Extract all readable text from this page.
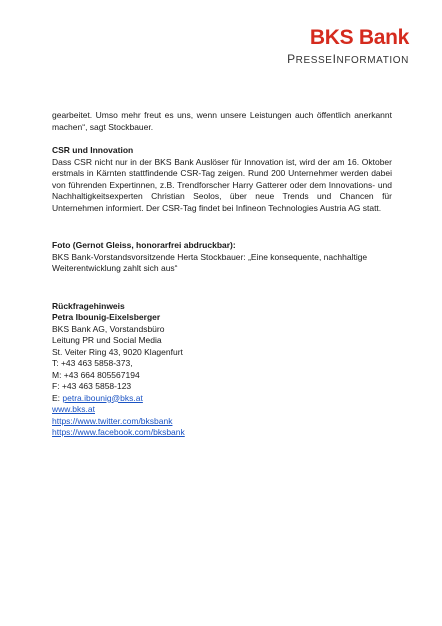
BKS Bank
PRESSEINFORMATION

gearbeitet. Umso mehr freut es uns, wenn unsere Leistungen auch öffentlich anerkannt machen“, sagt Stockbauer.

CSR und Innovation

Dass CSR nicht nur in der BKS Bank Auslöser für Innovation ist, wird der am 16. Oktober erstmals in Kärnten stattfindende CSR-Tag zeigen. Rund 200 Unternehmer werden dabei von führenden Expertinnen, z.B. Trendforscher Harry Gatterer oder dem Innovations- und Nachhaltigkeitsexperten Christian Seolos, über neue Trends und Chancen für Unternehmen informiert. Der CSR-Tag findet bei Infineon Technologies Austria AG statt.

Foto (Gernot Gleiss, honorarfrei abdruckbar):

BKS Bank-Vorstandsvorsitzende Herta Stockbauer: „Eine konsequente, nachhaltige Weiterentwicklung zahlt sich aus“

Rückfragehinweis

Petra Ibounig-Eixelsberger

BKS Bank AG, Vorstandsbüro
Leitung PR und Social Media
St. Veiter Ring 43, 9020 Klagenfurt
T: +43 463 5858-373,
M: +43 664 805567194
F: +43 463 5858-123
E: petra.ibounig@bks.at
www.bks.at
https://www.twitter.com/bksbank
https://www.facebook.com/bksbank
